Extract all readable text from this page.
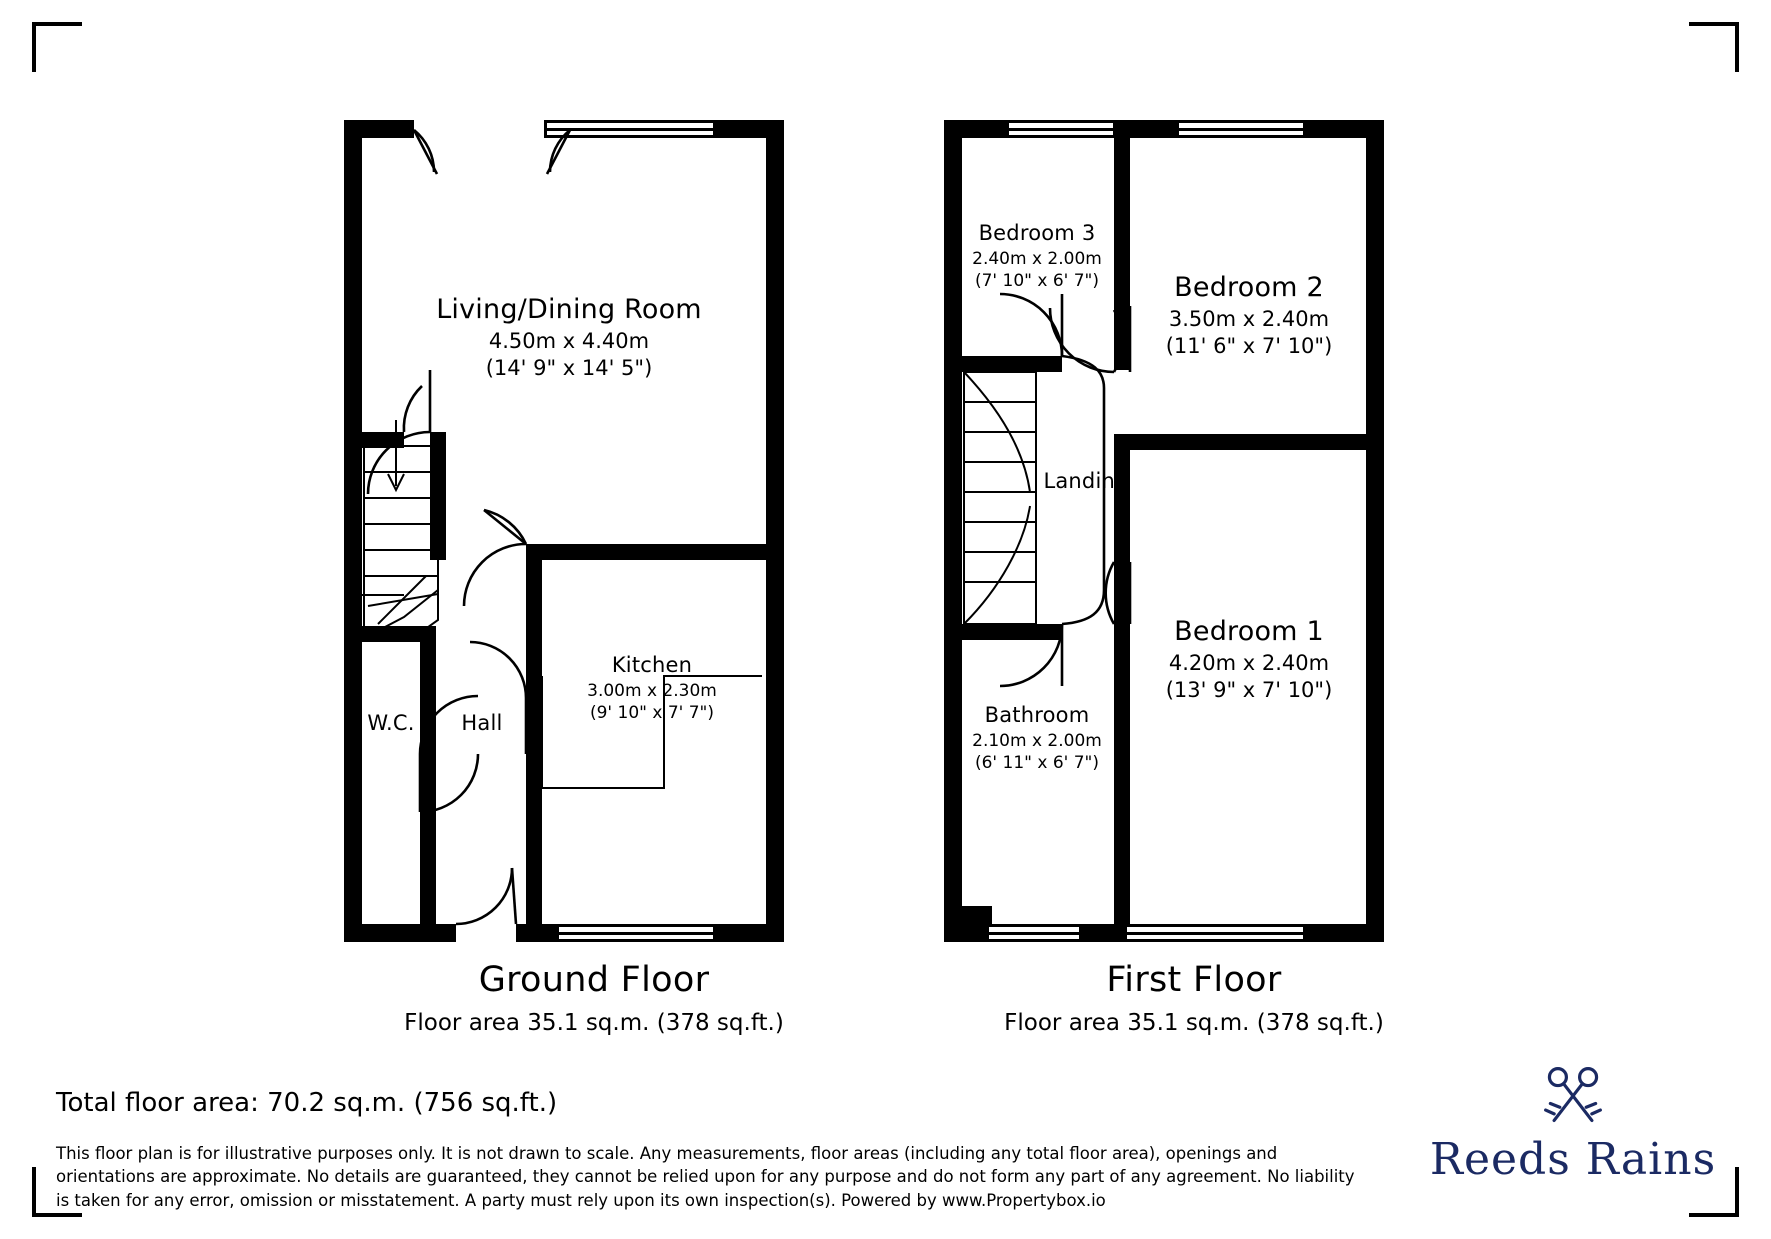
Living/Dining Room
4.50m x 4.40m
(14' 9" x 14' 5")
Kitchen
3.00m x 2.30m
(9' 10" x 7' 7")
W.C.	Hall
Bedroom 3
2.40m x 2.00m
(7' 10" x 6' 7")	Bedroom 2
3.50m x 2.40m
(11' 6" x 7' 10")
Bedroom 1
4.20m x 2.40m
(13' 9" x 7' 10")
Bathroom
2.10m x 2.00m
(6' 11" x 6' 7")
Landing
Ground Floor
Floor area 35.1 sq.m. (378 sq.ft.)
First Floor
Floor area 35.1 sq.m. (378 sq.ft.)
Total floor area: 70.2 sq.m. (756 sq.ft.)
This floor plan is for illustrative purposes only. It is not drawn to scale. Any measurements, floor areas (including any total floor area), openings and orientations are approximate. No details are guaranteed, they cannot be relied upon for any purpose and do not form any part of any agreement. No liability is taken for any error, omission or misstatement. A party must rely upon its own inspection(s). Powered by www.Propertybox.io
Reeds Rains
